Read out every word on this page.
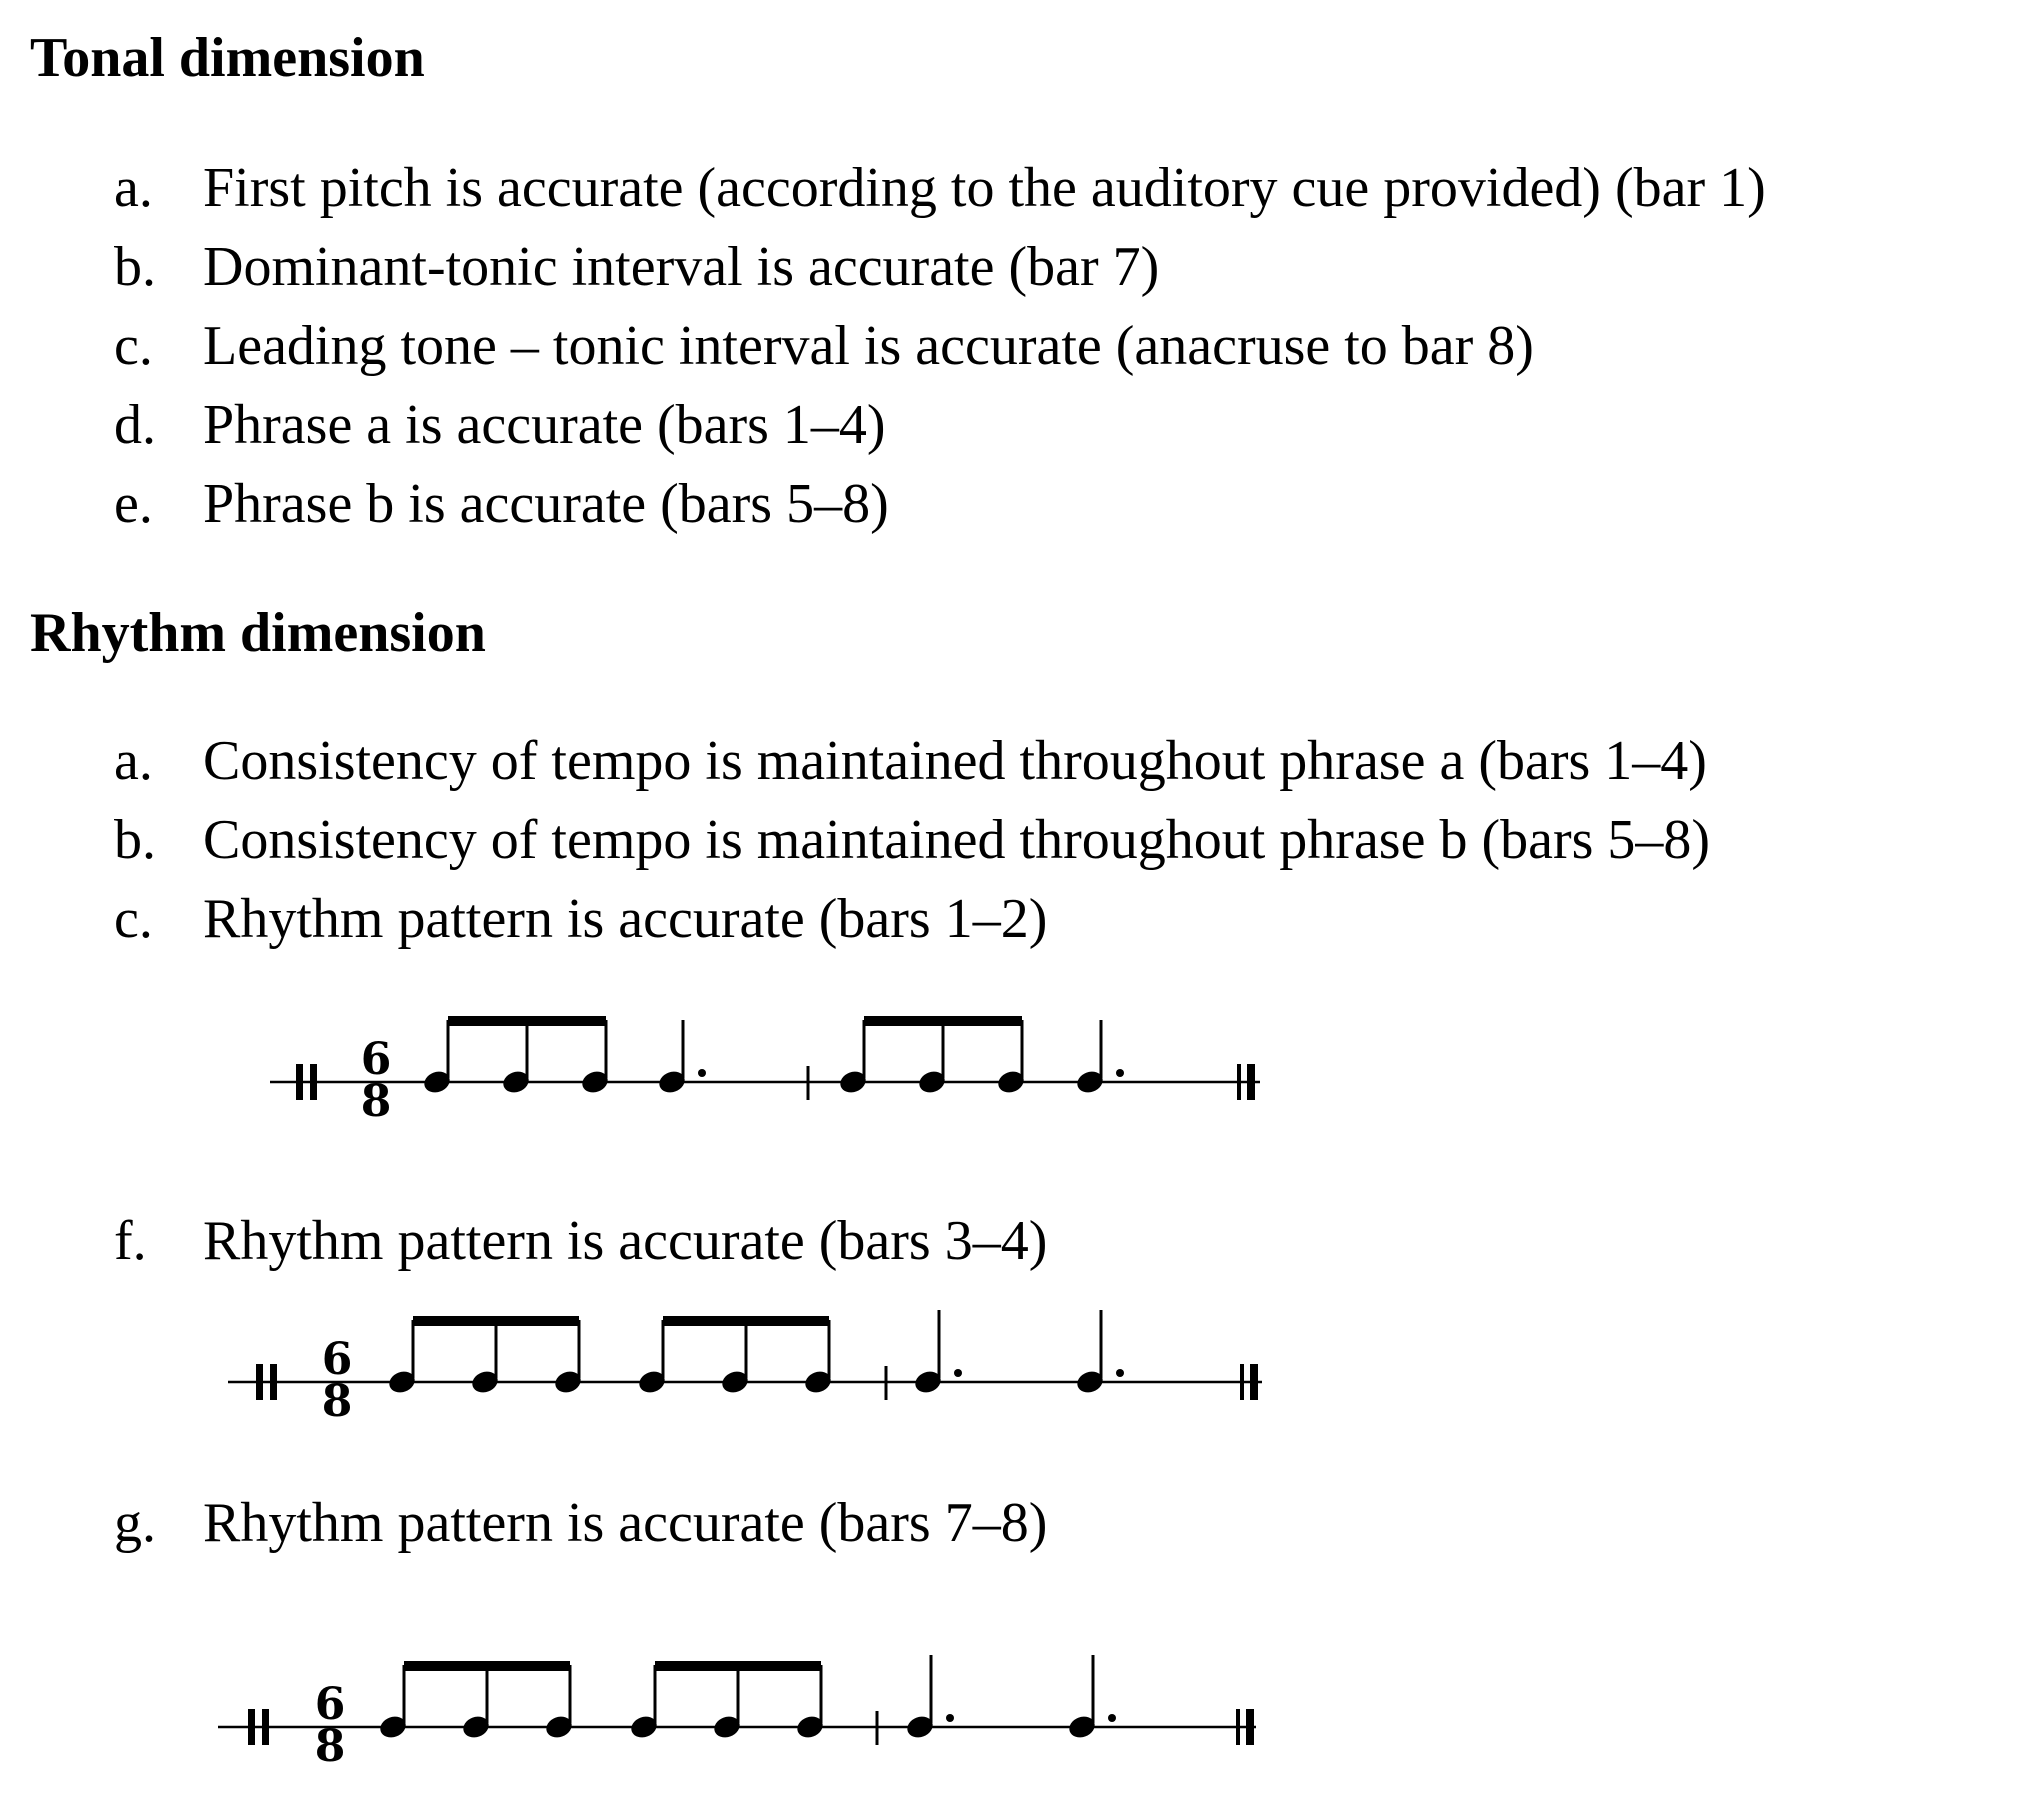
Tonal dimension
a. First pitch is accurate (according to the auditory cue provided) (bar 1)
b. Dominant-tonic interval is accurate (bar 7)
c. Leading tone – tonic interval is accurate (anacruse to bar 8)
d. Phrase a is accurate (bars 1–4)
e. Phrase b is accurate (bars 5–8)
Rhythm dimension
a. Consistency of tempo is maintained throughout phrase a (bars 1–4)
b. Consistency of tempo is maintained throughout phrase b (bars 5–8)
c. Rhythm pattern is accurate (bars 1–2)
f. Rhythm pattern is accurate (bars 3–4)
g. Rhythm pattern is accurate (bars 7–8)
6
8
6
8
6
8
